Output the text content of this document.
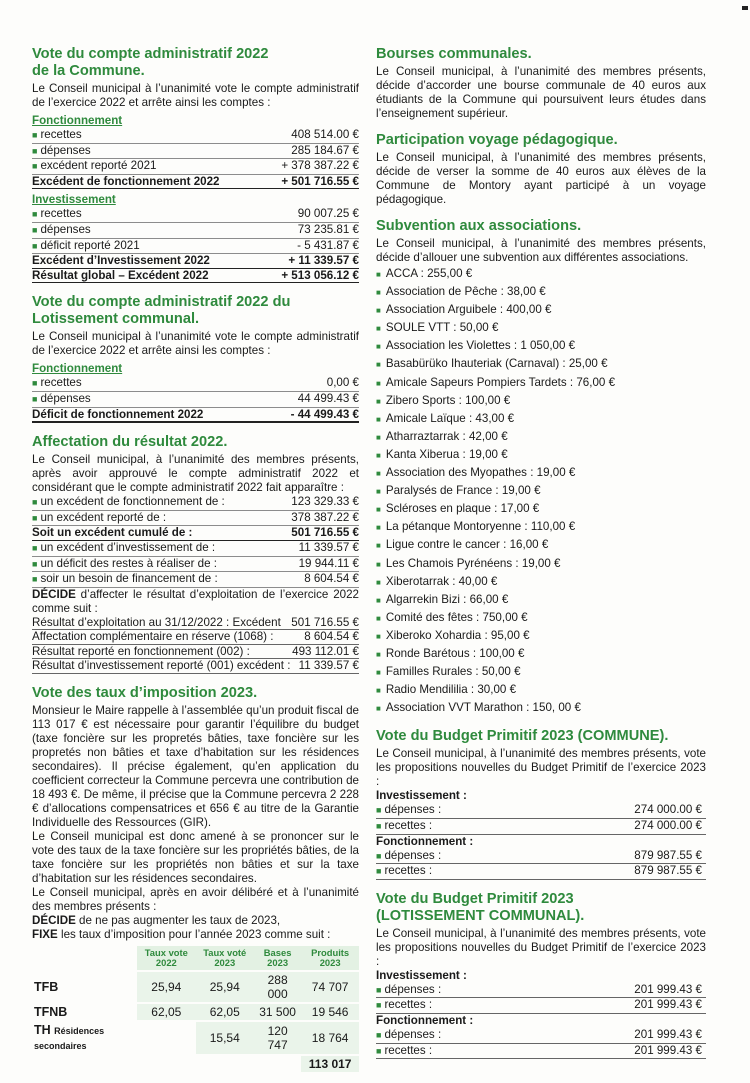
Vote du compte administratif 2022
de la Commune.

Le Conseil municipal à l’unanimité vote le compte administratif de l’exercice 2022 et arrête ainsi les comptes :

Fonctionnement
■ recettes	408 514.00 €
■ dépenses	285 184.67 €
■ excédent reporté 2021	+ 378 387.22 €
Excédent de fonctionnement 2022	+ 501 716.55 €
Investissement
■ recettes	90 007.25 €
■ dépenses	73 235.81 €
■ déficit reporté 2021	- 5 431.87 €
Excédent d’Investissement 2022	+ 11 339.57 €
Résultat global – Excédent 2022	+ 513 056.12 €
Vote du compte administratif 2022 du
Lotissement communal.

Le Conseil municipal à l’unanimité vote le compte administratif de l’exercice 2022 et arrête ainsi les comptes :

Fonctionnement
■ recettes	0,00 €
■ dépenses	44 499.43 €
Déficit de fonctionnement 2022	- 44 499.43 €
Affectation du résultat 2022.

Le Conseil municipal, à l’unanimité des membres présents, après avoir approuvé le compte administratif 2022 et considérant que le compte administratif 2022 fait apparaître :

■ un excédent de fonctionnement de :	123 329.33 €
■ un excédent reporté de :	378 387.22 €
Soit un excédent cumulé de :	501 716.55 €
■ un excédent d’investissement de :	11 339.57 €
■ un déficit des restes à réaliser de :	19 944.11 €
■ soir un besoin de financement de :	8 604.54 €

DÉCIDE d’affecter le résultat d’exploitation de l’exercice 2022 comme suit :

Résultat d’exploitation au 31/12/2022 : Excédent 501 716.55 €
Affectation complémentaire en réserve (1068) :	8 604.54 €
Résultat reporté en fonctionnement (002) :	493 112.01 €
Résultat d’investissement reporté (001) excédent : 11 339.57 €
Vote des taux d’imposition 2023.

Monsieur le Maire rappelle à l’assemblée qu’un produit fiscal de 113 017 € est nécessaire pour garantir l’équilibre du budget (taxe foncière sur les propretés bâties, taxe foncière sur les propretés non bâties et taxe d’habitation sur les résidences secondaires). Il précise également, qu’en application du coefficient correcteur la Commune percevra une contribution de 18 493 €. De même, il précise que la Commune percevra 2 228 € d’allocations compensatrices et 656 € au titre de la Garantie Individuelle des Ressources (GIR).

Le Conseil municipal est donc amené à se prononcer sur le vote des taux de la taxe foncière sur les propriétés bâties, de la taxe foncière sur les propriétés non bâties et sur la taxe d’habitation sur les résidences secondaires.

Le Conseil municipal, après en avoir délibéré et à l’unanimité des membres présents :

DÉCIDE de ne pas augmenter les taux de 2023,

FIXE les taux d’imposition pour l’année 2023 comme suit :

	Taux vote 2022	Taux voté 2023	Bases 2023	Produits 2023
TFB	25,94	25,94	288 000	74 707
TFNB	62,05	62,05	31 500	19 546
TH Résidences secondaires		15,54	120 747	18 764
				113 017
Bourses communales.

Le Conseil municipal, à l’unanimité des membres présents, décide d’accorder une bourse communale de 40 euros aux étudiants de la Commune qui poursuivent leurs études dans l’enseignement supérieur.

Participation voyage pédagogique.

Le Conseil municipal, à l’unanimité des membres présents, décide de verser la somme de 40 euros aux élèves de la Commune de Montory ayant participé à un voyage pédagogique.

Subvention aux associations.

Le Conseil municipal, à l’unanimité des membres présents, décide d’allouer une subvention aux différentes associations.

■ ACCA : 255,00 €
■ Association de Pêche : 38,00 €
■ Association Arguibele : 400,00 €
■ SOULE VTT : 50,00 €
■ Association les Violettes : 1 050,00 €
■ Basabürüko Ihauteriak (Carnaval) : 25,00 €
■ Amicale Sapeurs Pompiers Tardets : 76,00 €
■ Zibero Sports : 100,00 €
■ Amicale Laïque : 43,00 €
■ Atharraztarrak : 42,00 €
■ Kanta Xiberua : 19,00 €
■ Association des Myopathes : 19,00 €
■ Paralysés de France : 19,00 €
■ Scléroses en plaque : 17,00 €
■ La pétanque Montoryenne : 110,00 €
■ Ligue contre le cancer : 16,00 €
■ Les Chamois Pyrénéens : 19,00 €
■ Xiberotarrak : 40,00 €
■ Algarrekin Bizi : 66,00 €
■ Comité des fêtes : 750,00 €
■ Xiberoko Xohardia : 95,00 €
■ Ronde Barétous : 100,00 €
■ Familles Rurales : 50,00 €
■ Radio Mendililia : 30,00 €
■ Association VVT Marathon : 150, 00 €
Vote du Budget Primitif 2023 (COMMUNE).

Le Conseil municipal, à l’unanimité des membres présents, vote les propositions nouvelles du Budget Primitif de l’exercice 2023 :

Investissement :
■ dépenses :	274 000.00 €
■ recettes :	274 000.00 €
Fonctionnement :
■ dépenses :	879 987.55 €
■ recettes :	879 987.55 €
Vote du Budget Primitif 2023
(LOTISSEMENT COMMUNAL).

Le Conseil municipal, à l’unanimité des membres présents, vote les propositions nouvelles du Budget Primitif de l’exercice 2023 :

Investissement :
■ dépenses :	201 999.43 €
■ recettes :	201 999.43 €
Fonctionnement :
■ dépenses :	201 999.43 €
■ recettes :	201 999.43 €
